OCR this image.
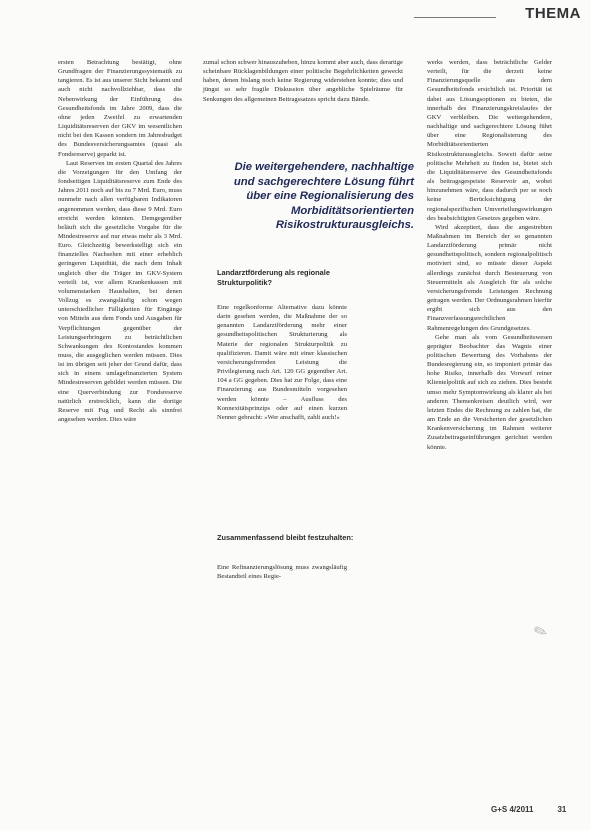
THEMA

ersten Betrachtung bestätigt, ohne Grundfragen der Finanzierungssystematik zu tangieren. Es ist aus unserer Sicht bekannt und auch nicht nachvollziehbar, dass die Nebenwirkung der Einführung des Gesundheitsfonds im Jahre 2009, dass die ohne jeden Zweifel zu erwartenden Liquiditätsreserven der GKV im wesentlichen nicht bei den Kassen sondern im Jahresbudget des Bundesversicherungsamtes (quasi als Fondsreserve) geparkt ist.

Laut Reserven im ersten Quartal des Jahres die Vorzeigungen für den Umfang der fondseitigen Liquiditätsreserve zum Ende des Jahres 2011 noch auf bis zu 7 Mrd. Euro, muss nunmehr nach allen verfügbaren Indikatoren angenommen werden, dass diese 9 Mrd. Euro erreicht werden könnten. Demgegenüber beläuft sich die gesetzliche Vorgabe für die Mindestreserve auf nur etwas mehr als 3 Mrd. Euro. Gleichzeitig bewerkstelligt sich ein finanzielles Nachsehen mit einer erheblich geringeren Liquidität, die nach dem Inhalt ungleich über die Träger im GKV-System verteilt ist, vor allem Krankenkassen mit volumenstarken Haushalten, bei denen Vollzug es zwangsläufig schon wegen unterschiedlicher Fälligkeiten für Eingänge von Mitteln aus dem Fonds und Ausgaben für Verpflichtungen gegenüber der Leistungserbringern zu beträchtlichen Schwankungen des Kontostandes kommen muss, die ausgeglichen werden müssen. Dies ist im übrigen seit jeher der Grund dafür, dass sich in einem umlagefinanzierten System Mindestreserven gebildet werden müssen. Die eine Querverbindung zur Fondsreserve natürlich erstrecklich, kann die dortige Reserve mit Fug und Recht als sinnfrei angesehen werden. Dies wäre

zumal schon schwer hinauszuheben, hinzu kommt aber auch, dass derartige scheinbare Rücklagenbildungen einer politische Begehrlichkeiten geweckt haben, denen bislang noch keine Regierung widerstehen konnte; dies und jüngst so sehr fragile Diskussion über angebliche Spielräume für Senkungen des allgemeinen Beitragssatzes spricht dazu Bände.
Die weitergehendere, nachhaltige
und sachgerechtere Lösung führt
über eine Regionalisierung des
Morbiditätsorientierten
Risikostrukturausgleichs.
Landarztförderung als regionale Strukturpolitik?

Eine regelkonforme Alternative dazu könnte darin gesehen werden, die Maßnahme der so genannten Landarztförderung mehr einer gesundheitspolitischen Strukturierung als Materie der regionalen Strukturpolitik zu qualifizieren. Damit wäre mit einer klassischen versicherungsfremden Leistung die Privilegierung nach Art. 120 GG gegenüber Art. 104 a GG gegeben. Dies hat zur Folge, dass eine Finanzierung aus Bundesmitteln vorgesehen werden könnte – Ausfluss des Konnexitätsprinzips oder auf einen kurzen Nenner gebracht: »Wer anschafft, zahlt auch!«

Zusammenfassend bleibt festzuhalten:
Eine Refinanzierungslösung muss zwangsläufig Bestandteil eines Regie-

werks werden, dass beträchtliche Gelder verteilt, für die derzeit keine Finanzierungsquelle aus dem Gesundheitsfonds ersichtlich ist. Priorität ist dabei aus Lösungsoptionen zu bieten, die innerhalb des Finanzierungskreislaufes der GKV verbleiben. Die weitergehendere, nachhaltige und sachgerechtere Lösung führt über eine Regionalisierung des Morbiditätsorientierten Risikostrukturausgleichs. Soweit dafür seine politische Mehrheit zu finden ist, bietet sich die Liquiditätsreserve des Gesundheitsfonds als beitragsgespeiste Reservoir an, wobei hinzunehmen wäre, dass dadurch per se noch keine Berücksichtigung der regionalspezifischen Umverteilungswirkungen des beabsichtigten Gesetzes gegeben wäre.

Wird akzeptiert, dass die angestrebten Maßnahmen im Bereich der so genannten Landarztförderung primär nicht gesundheitspolitisch, sondern regionalpolitisch motiviert sind, so müsste dieser Aspekt allerdings zunächst durch Besteuerung von Steuermitteln als Ausgleich für als solche versicherungsfremde Leistungen Rechnung getragen werden. Der Ordnungsrahmen hierfür ergibt sich aus den Finanzverfassungsrechtlichen Rahmenregelungen des Grundgesetzes.

Gehe man als vom Gesundheitswesen geprägter Beobachter das Wagnis einer politischen Bewertung des Vorhabens der Bundesregierung ein, so imponiert primär das hohe Risiko, innerhalb des Vorwurf reiner Klientelpolitik auf sich zu ziehen. Dies besteht umso mehr Symptomwirkung als klarer als bei anderen Themenkreisen deutlich wird, wer letzten Endes die Rechnung zu zahlen hat, die am Ende an die Versicherten der gesetzlichen Krankenversicherung im Rahmen weiterer Zusatzbeitragseinführungen gerichtet werden könnte.

✎
G+S 4/2011	31
